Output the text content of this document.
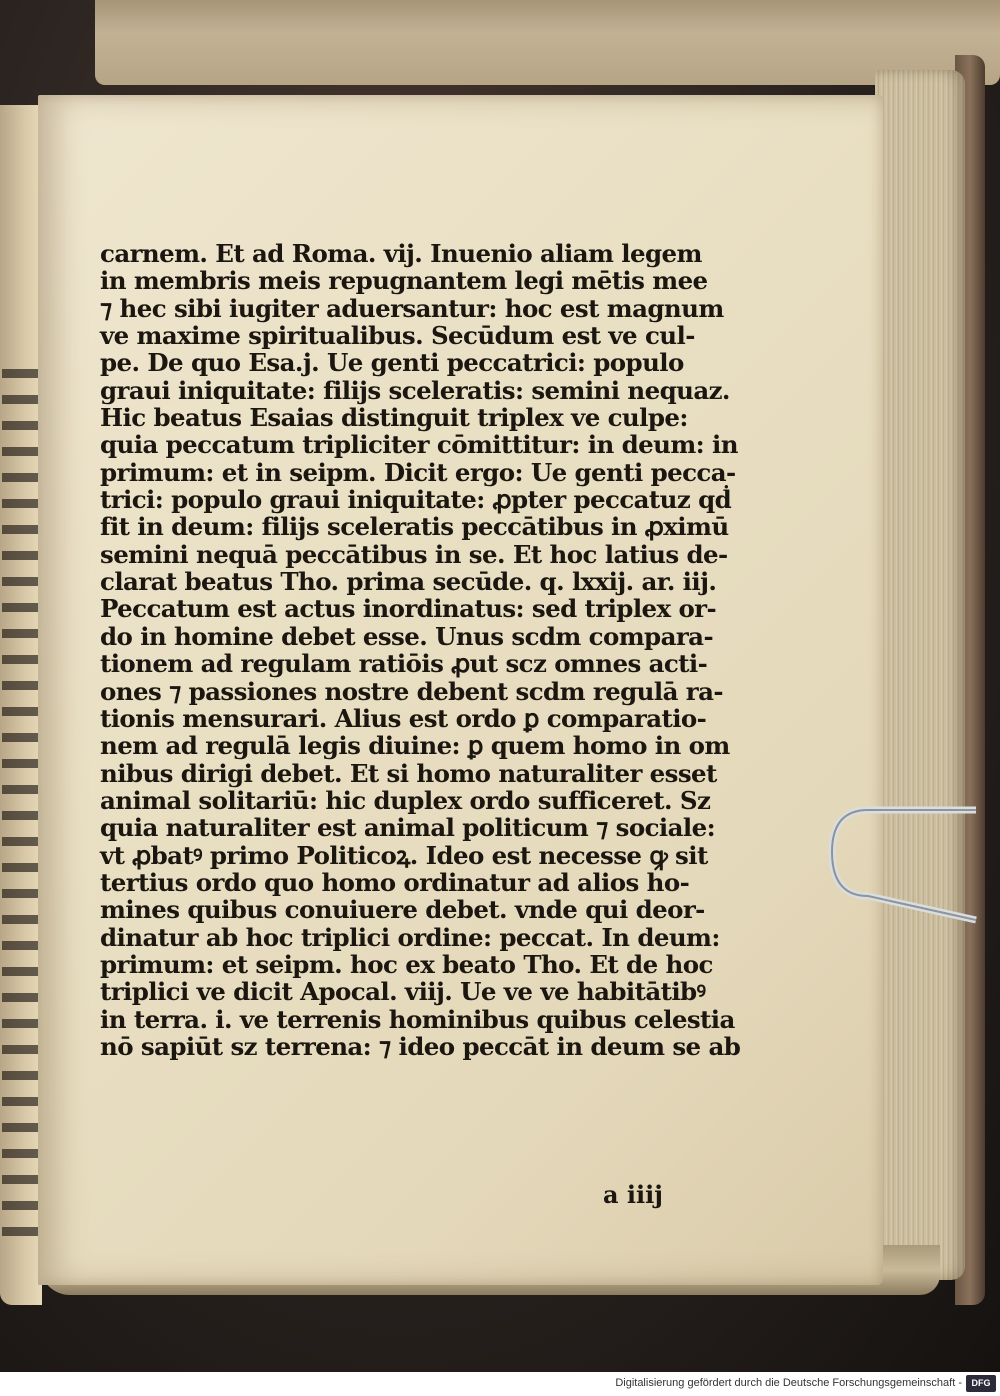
carnem. Et ad Roma. vij. Inuenio aliam legem
in membris meis repugnantem legi mētis mee
⁊ hec sibi iugiter aduersantur: hoc est magnum
ve maxime spiritualibus. Secūdum est ve cul-
pe. De quo Esa.j. Ue genti peccatrici: populo
graui iniquitate: filijs sceleratis: semini nequaz.
Hic beatus Esaias distinguit triplex ve culpe:
quia peccatum tripliciter cōmittitur: in deum: in
primum: et in seipm. Dicit ergo: Ue genti pecca-
trici: populo graui iniquitate: ꝓpter peccatuz qḋ
fit in deum: filijs sceleratis peccātibus in ꝓximū
semini nequā peccātibus in se. Et hoc latius de-
clarat beatus Tho. prima secūde. q. lxxij. ar. iij.
Peccatum est actus inordinatus: sed triplex or-
do in homine debet esse. Unus scdm compara-
tionem ad regulam ratiōis ꝓut scz omnes acti-
ones ⁊ passiones nostre debent scdm regulā ra-
tionis mensurari. Alius est ordo ꝑ comparatio-
nem ad regulā legis diuine: ꝑ quem homo in om
nibus dirigi debet. Et si homo naturaliter esset
animal solitariū: hic duplex ordo sufficeret. Sz
quia naturaliter est animal politicum ⁊ sociale:
vt ꝓbatꝰ primo Politicoꝝ. Ideo est necesse ꝙ sit
tertius ordo quo homo ordinatur ad alios ho-
mines quibus conuiuere debet. vnde qui deor-
dinatur ab hoc triplici ordine: peccat. In deum:
primum: et seipm. hoc ex beato Tho. Et de hoc
triplici ve dicit Apocal. viij. Ue ve ve habitātibꝰ
in terra. i. ve terrenis hominibus quibus celestia
nō sapiūt sz terrena: ⁊ ideo peccāt in deum se ab
a iiij
Digitalisierung gefördert durch die Deutsche Forschungsgemeinschaft -	DFG
